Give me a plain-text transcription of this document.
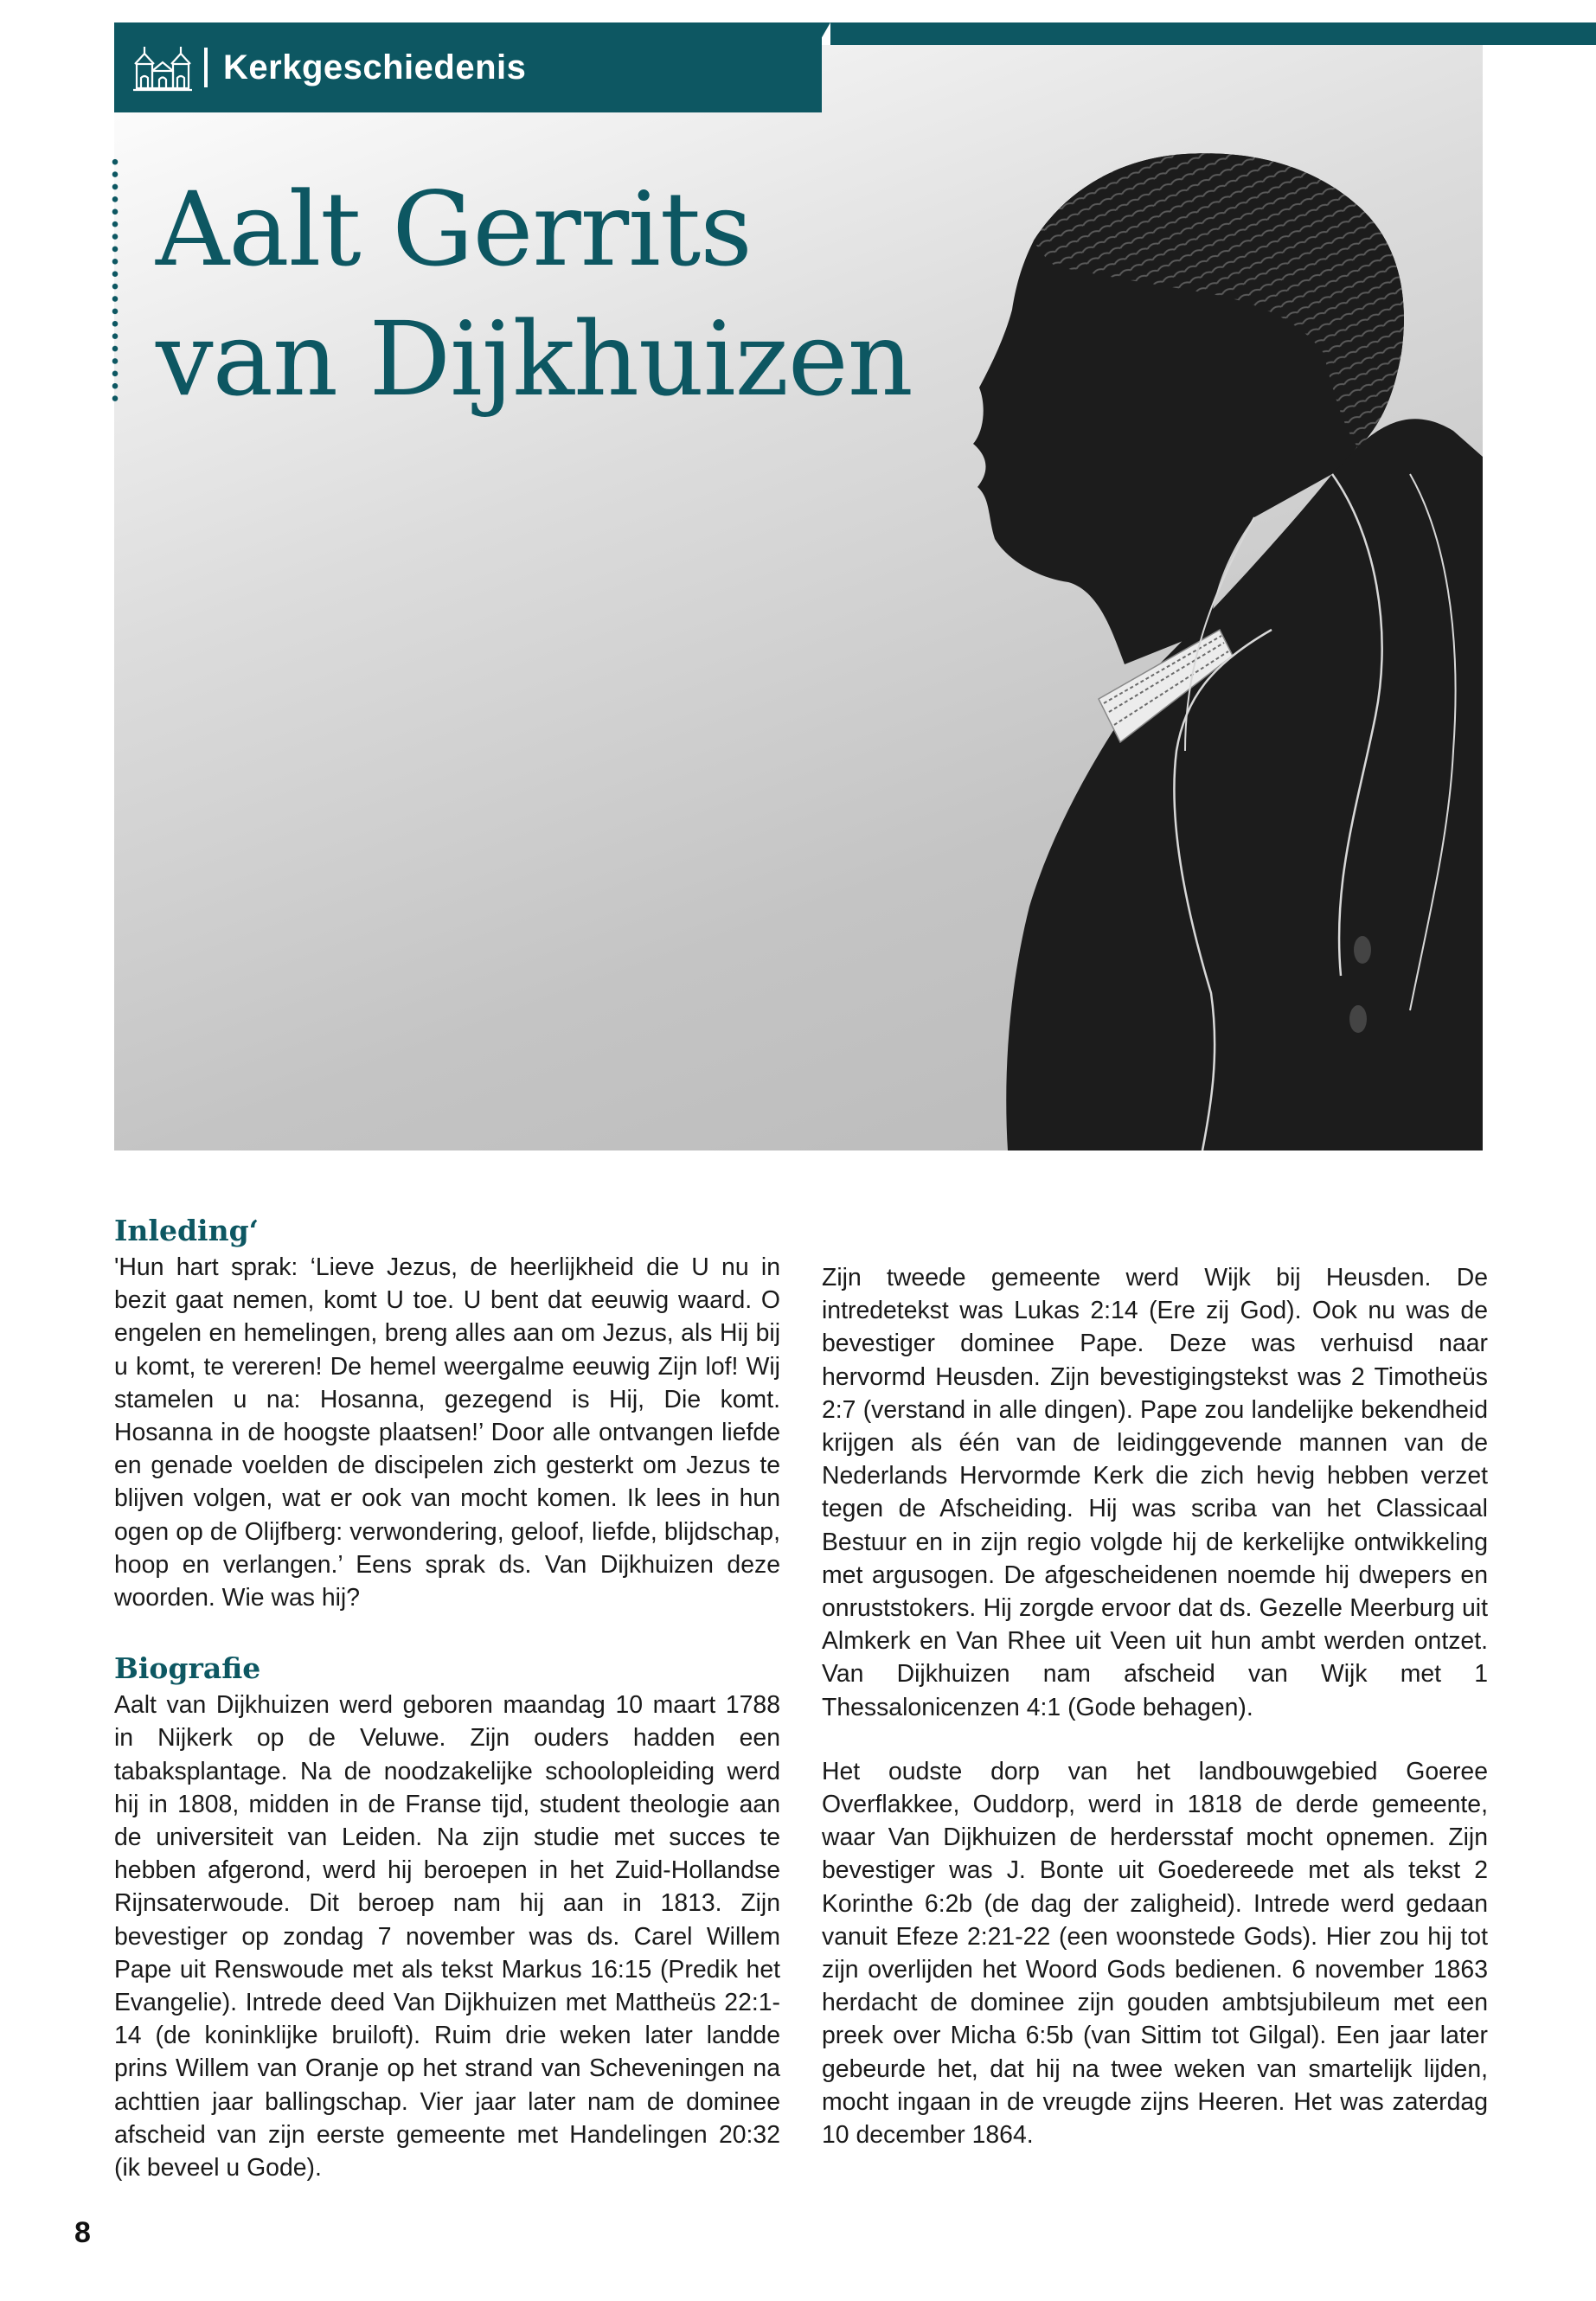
Kerkgeschiedenis
Aalt Gerrits
van Dijkhuizen
Inleding‘

'Hun hart sprak: ‘Lieve Jezus, de heerlijkheid die U nu in bezit gaat nemen, komt U toe. U bent dat eeuwig waard. O engelen en hemelingen, breng alles aan om Jezus, als Hij bij u komt, te vereren! De hemel weergalme eeuwig Zijn lof! Wij stamelen u na: Hosanna, gezegend is Hij, Die komt. Hosanna in de hoogste plaatsen!’ Door alle ontvangen liefde en genade voelden de discipelen zich gesterkt om Jezus te blijven volgen, wat er ook van mocht komen. Ik lees in hun ogen op de Olijfberg: verwondering, geloof, liefde, blijdschap, hoop en verlangen.’ Eens sprak ds. Van Dijkhuizen deze woorden. Wie was hij?

Biografie

Aalt van Dijkhuizen werd geboren maandag 10 maart 1788 in Nijkerk op de Veluwe. Zijn ouders hadden een tabaksplantage. Na de noodzakelijke schoolopleiding werd hij in 1808, midden in de Franse tijd, student theologie aan de universiteit van Leiden. Na zijn studie met succes te hebben afgerond, werd hij beroepen in het Zuid-Hollandse Rijnsaterwoude. Dit beroep nam hij aan in 1813. Zijn bevestiger op zondag 7 november was ds. Carel Willem Pape uit Renswoude met als tekst Markus 16:15 (Predik het Evangelie). Intrede deed Van Dijkhuizen met Mattheüs 22:1-14 (de koninklijke bruiloft). Ruim drie weken later landde prins Willem van Oranje op het strand van Scheveningen na achttien jaar ballingschap. Vier jaar later nam de dominee afscheid van zijn eerste gemeente met Handelingen 20:32 (ik beveel u Gode).

Zijn tweede gemeente werd Wijk bij Heusden. De intredetekst was Lukas 2:14 (Ere zij God). Ook nu was de bevestiger dominee Pape. Deze was verhuisd naar hervormd Heusden. Zijn bevestigingstekst was 2 Timotheüs 2:7 (verstand in alle dingen). Pape zou landelijke bekendheid krijgen als één van de leidinggevende mannen van de Nederlands Hervormde Kerk die zich hevig hebben verzet tegen de Afscheiding. Hij was scriba van het Classicaal Bestuur en in zijn regio volgde hij de kerkelijke ontwikkeling met argusogen. De afgescheidenen noemde hij dwepers en onruststokers. Hij zorgde ervoor dat ds. Gezelle Meerburg uit Almkerk en Van Rhee uit Veen uit hun ambt werden ontzet. Van Dijkhuizen nam afscheid van Wijk met 1 Thessalonicenzen 4:1 (Gode behagen).

Het oudste dorp van het landbouwgebied Goeree Overflakkee, Ouddorp, werd in 1818 de derde gemeente, waar Van Dijkhuizen de herdersstaf mocht opnemen. Zijn bevestiger was J. Bonte uit Goedereede met als tekst 2 Korinthe 6:2b (de dag der zaligheid). Intrede werd gedaan vanuit Efeze 2:21-22 (een woonstede Gods). Hier zou hij tot zijn overlijden het Woord Gods bedienen. 6 november 1863 herdacht de dominee zijn gouden ambtsjubileum met een preek over Micha 6:5b (van Sittim tot Gilgal). Een jaar later gebeurde het, dat hij na twee weken van smartelijk lijden, mocht ingaan in de vreugde zijns Heeren. Het was zaterdag 10 december 1864.

8
